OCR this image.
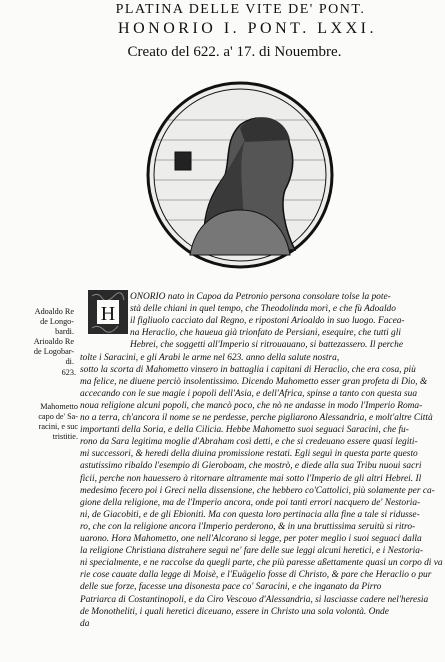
PLATINA DELLE VITE DE' PONT.
HONORIO I. PONT. LXXI.
Creato del 622. a' 17. di Nouembre.
Adoaldo Re
de Longo-
bardi.
Arioaldo Re
de Logobar-
di.
623.
Mahometto
capo de' Sa-
racini, e suc
tristitie.
H
ONORIO nato in Capoa da Petronio persona consolare tolse la pote-
stà delle chiani in quel tempo, che Theodolinda morì, e che fù Adoaldo
il figliuolo cacciato dal Regno, e ripostoni Arioaldo in suo luogo. Facea-
na Heraclio, che haueua già trionfato de Persiani, esequire, che tutti gli
Hebrei, che soggetti all'Imperio si ritrouauano, si battezassero. Il perche
tolte i Saracini, e gli Arabi le arme nel 623. anno della salute nostra,
sotto la scorta di Mahometto vinsero in battaglia i capitani di Heraclio, che era cosa, più
ma felice, ne diuene perciò insolentissimo. Dicendo Mahometto esser gran profeta di Dio, &
accecando con le sue magie i popoli dell'Asia, e dell'Africa, spinse a tanto con questa sua
noua religione alcuni popoli, che mancò poco, che nò ne andasse in modo l'Imperio Roma-
no a terra, ch'ancora il nome se ne perdesse, perche pigliarono Alessandria, e molt'altre Città
importanti della Soria, e della Cilicia. Hebbe Mahometto suoi seguaci Saracini, che fu-
rono da Sara legitima moglie d'Abraham così detti, e che si credeuano essere quasi legiti-
mi successori, & heredi della diuina promissione restati. Egli seguì in questa parte questo
astutissimo ribaldo l'esempio di Gieroboam, che mostrò, e diede alla sua Tribu nuoui sacri
ficii, perche non hauessero à ritornare altramente mai sotto l'Imperio de gli altri Hebrei. Il
medesimo fecero poi i Greci nella dissensione, che hebbero co'Cattolici, più solamente per ca-
gione della religione, ma de l'Imperio ancora, onde poi tanti errori nacquero de' Nestoria-
ni, de Giacobiti, e de gli Ebioniti. Ma con questa loro pertinacia alla fine a tale si ridusse-
ro, che con la religione ancora l'Imperio perderono, & in una bruttissima seruitù si ritro-
uarono. Hora Mahometto, one nell'Alcorano si legge, per poter meglio i suoi seguaci dalla
la religione Christiana distrahere seguì ne' fare delle sue leggi alcuni heretici, e i Nestoria-
ni specialmente, e ne raccolse da quegli parte, che più paresse aßettamente quasi un corpo di va
rie cose cauate dalla legge di Moisè, e l'Euägelio fosse di Christo, & pare che Heraclio o pur
delle sue forze, facesse una disonesta pace co' Saracini, e che inganato da Pirro
Patriarca di Costantinopoli, e da Ciro Vescouo d'Alessandria, si lasciasse cadere nel'heresia
de Monotheliti, i quali heretici diceuano, essere in Christo una sola volontà. Onde
da
